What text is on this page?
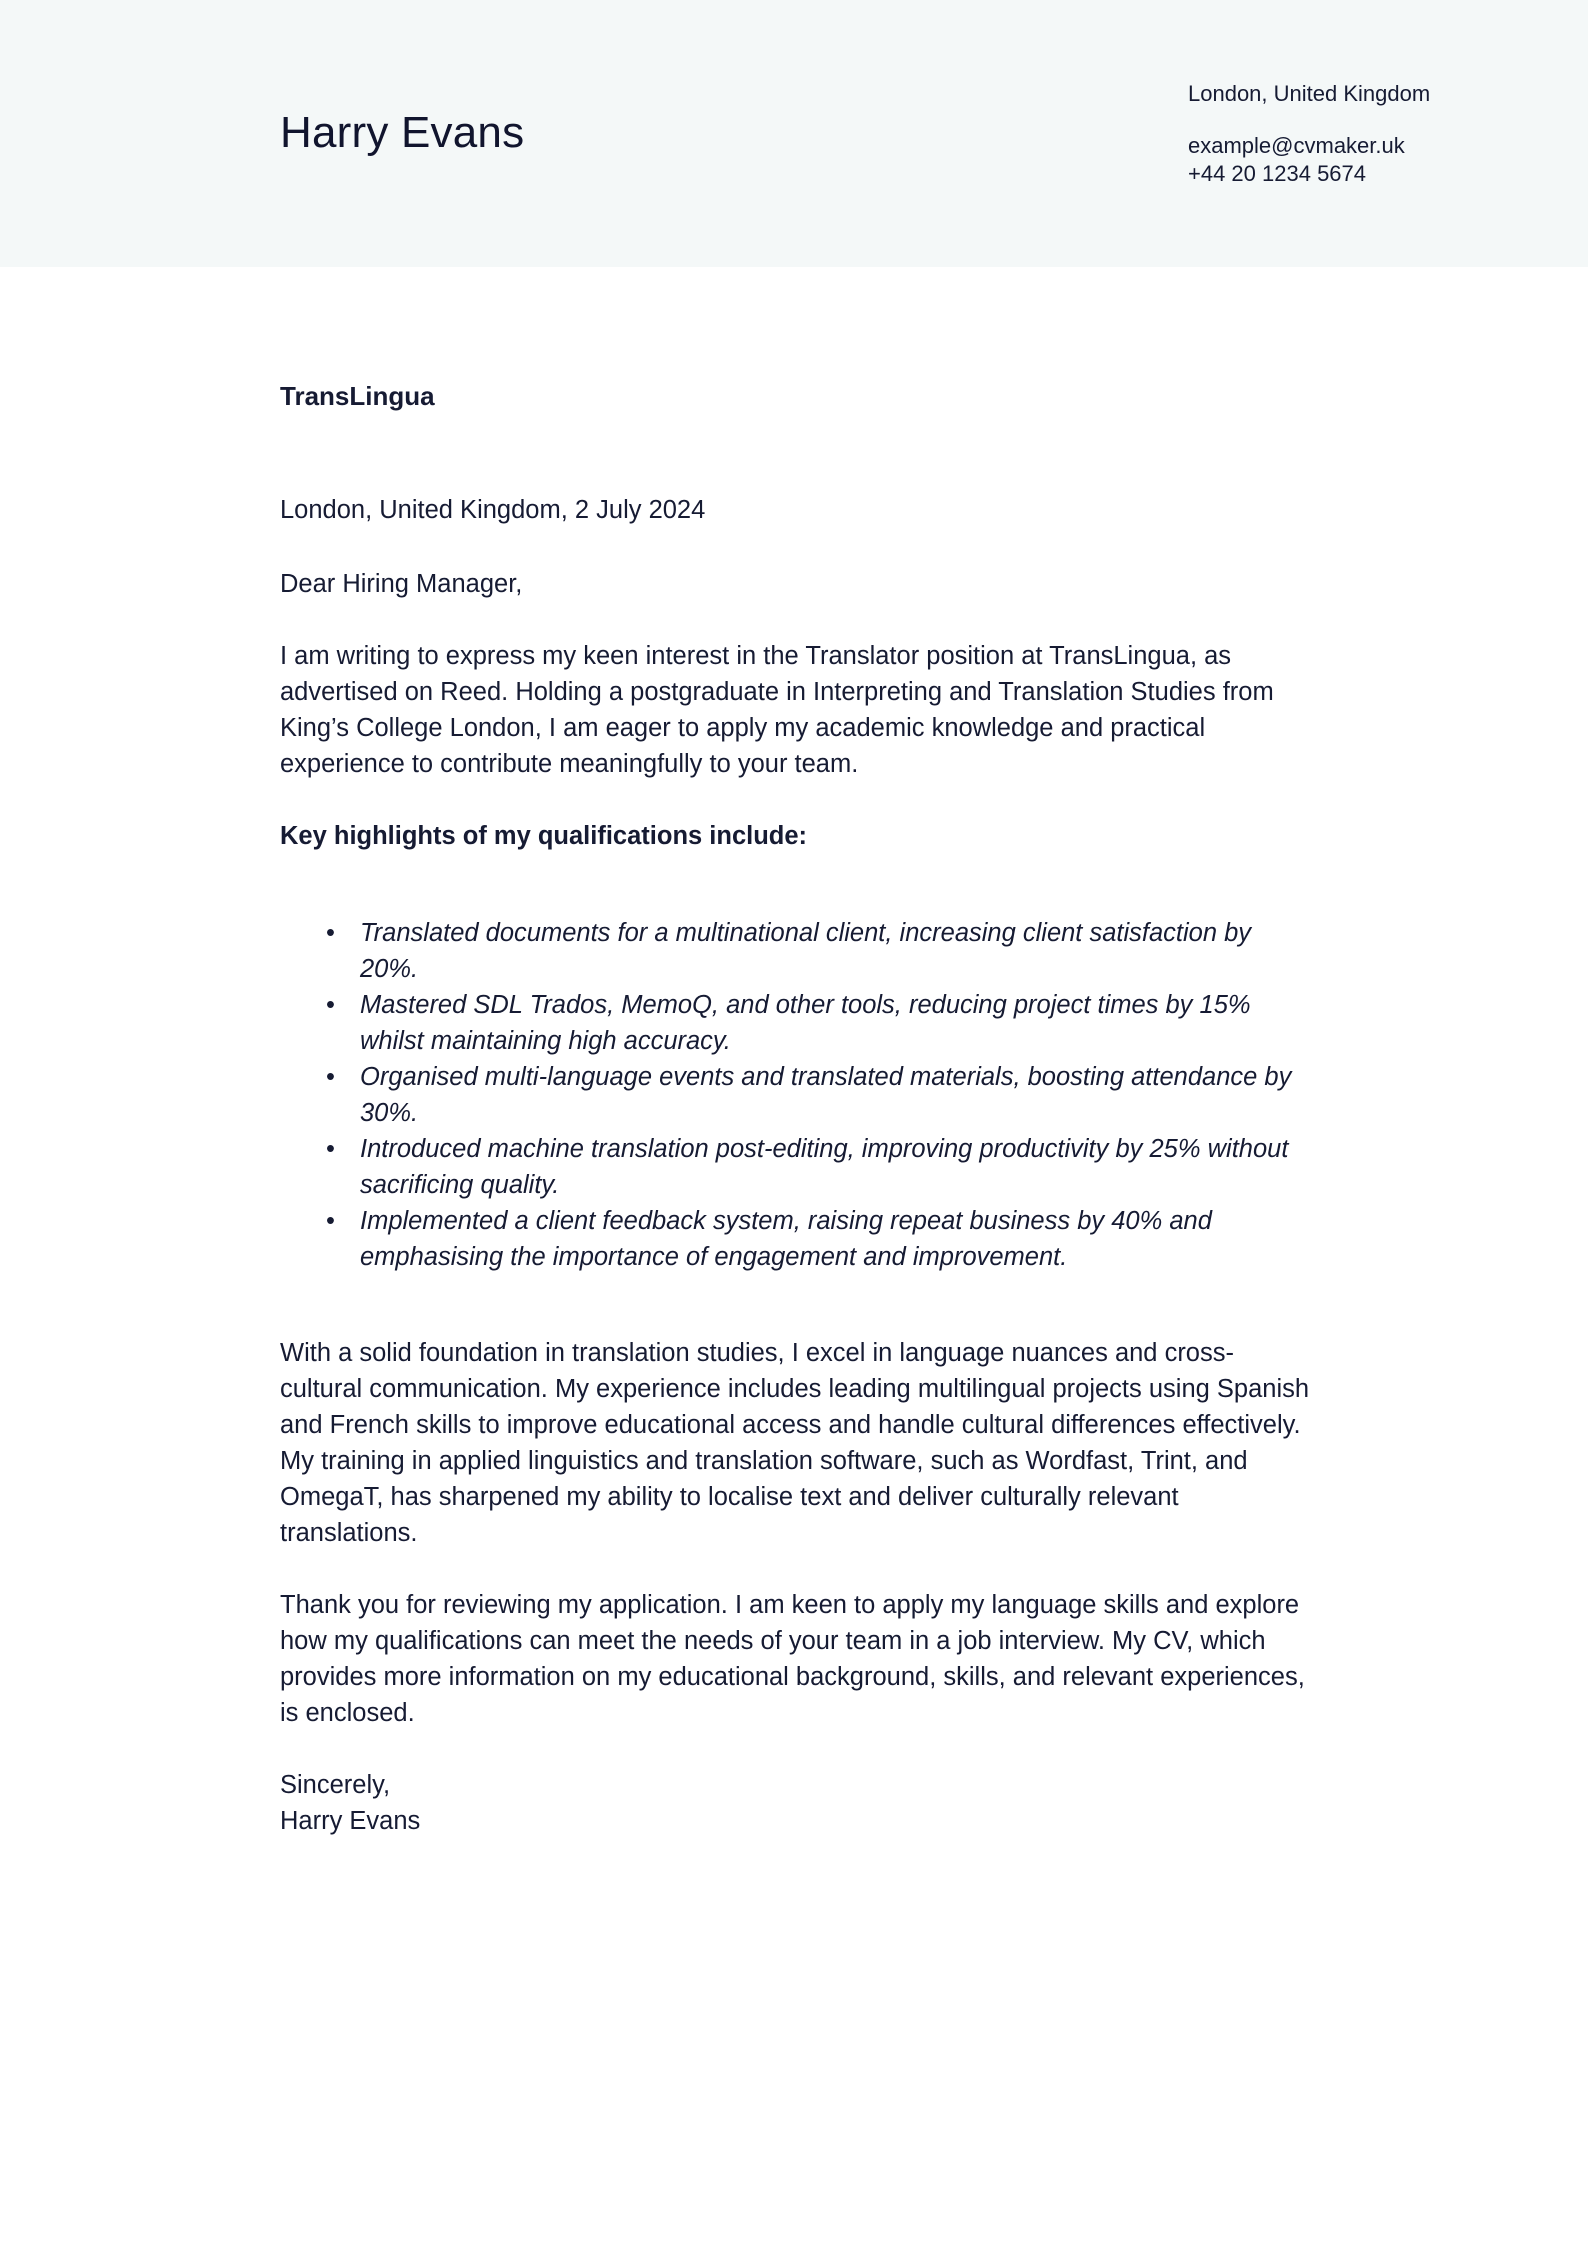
Harry Evans
London, United Kingdom
example@cvmaker.uk
+44 20 1234 5674

TransLingua

London, United Kingdom, 2 July 2024

Dear Hiring Manager,

I am writing to express my keen interest in the Translator position at TransLingua, as advertised on Reed. Holding a postgraduate in Interpreting and Translation Studies from King’s College London, I am eager to apply my academic knowledge and practical experience to contribute meaningfully to your team.

Key highlights of my qualifications include:

• Translated documents for a multinational client, increasing client satisfaction by 20%.
• Mastered SDL Trados, MemoQ, and other tools, reducing project times by 15% whilst maintaining high accuracy.
• Organised multi-language events and translated materials, boosting attendance by 30%.
• Introduced machine translation post-editing, improving productivity by 25% without sacrificing quality.
• Implemented a client feedback system, raising repeat business by 40% and emphasising the importance of engagement and improvement.

With a solid foundation in translation studies, I excel in language nuances and cross-cultural communication. My experience includes leading multilingual projects using Spanish and French skills to improve educational access and handle cultural differences effectively. My training in applied linguistics and translation software, such as Wordfast, Trint, and OmegaT, has sharpened my ability to localise text and deliver culturally relevant translations.

Thank you for reviewing my application. I am keen to apply my language skills and explore how my qualifications can meet the needs of your team in a job interview. My CV, which provides more information on my educational background, skills, and relevant experiences, is enclosed.

Sincerely,
Harry Evans
